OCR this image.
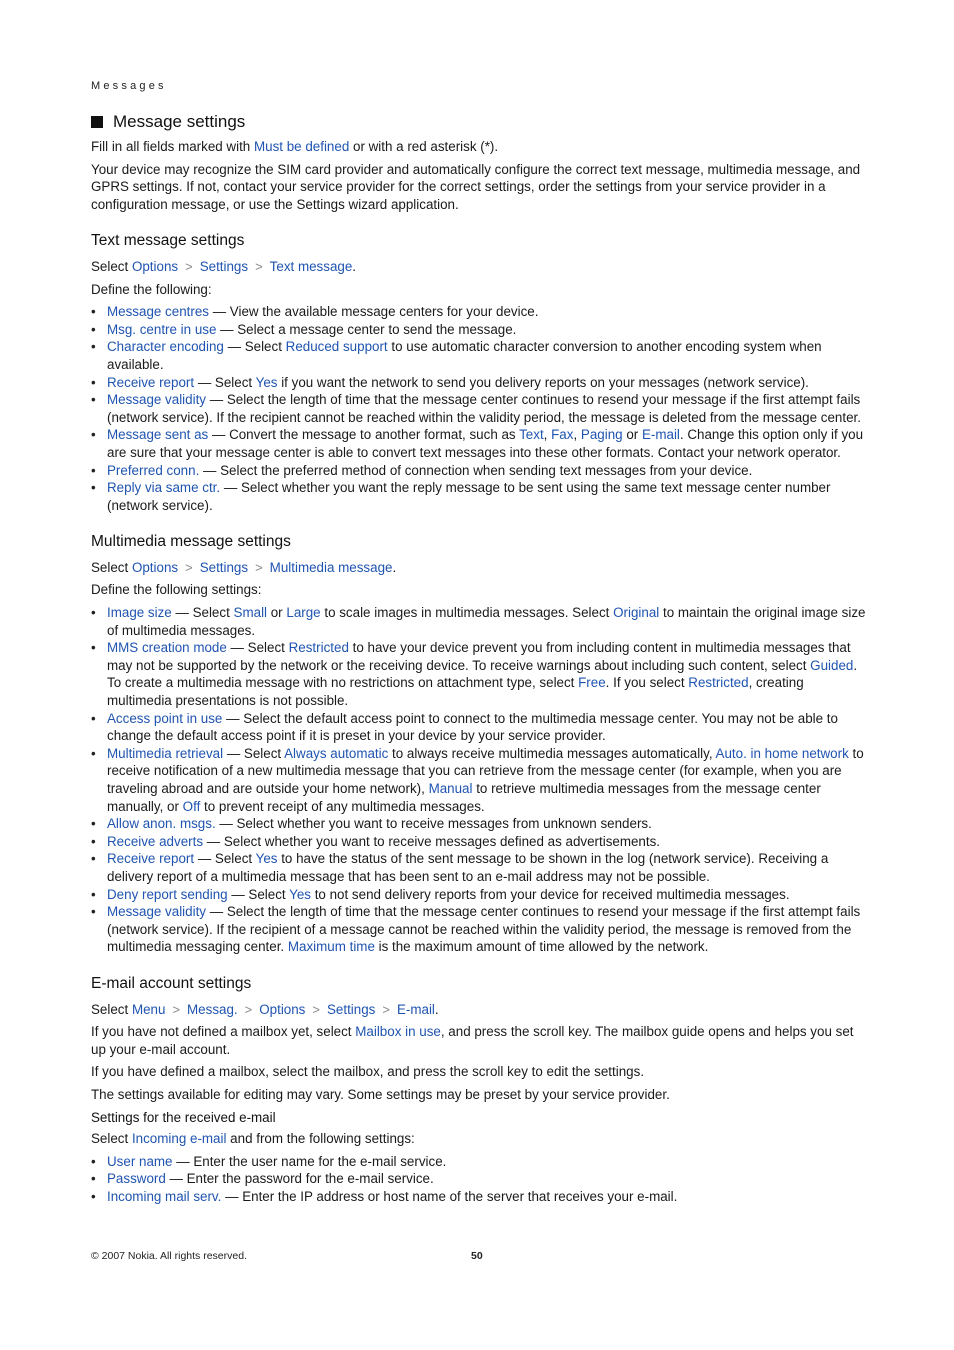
Messages
Message settings

Fill in all fields marked with Must be defined or with a red asterisk (*).

Your device may recognize the SIM card provider and automatically configure the correct text message, multimedia message, and GPRS settings. If not, contact your service provider for the correct settings, order the settings from your service provider in a configuration message, or use the Settings wizard application.

Text message settings

Select Options > Settings > Text message.

Define the following:

• Message centres — View the available message centers for your device.
• Msg. centre in use — Select a message center to send the message.
• Character encoding — Select Reduced support to use automatic character conversion to another encoding system when available.
• Receive report — Select Yes if you want the network to send you delivery reports on your messages (network service).
• Message validity — Select the length of time that the message center continues to resend your message if the first attempt fails (network service). If the recipient cannot be reached within the validity period, the message is deleted from the message center.
• Message sent as — Convert the message to another format, such as Text, Fax, Paging or E-mail. Change this option only if you are sure that your message center is able to convert text messages into these other formats. Contact your network operator.
• Preferred conn. — Select the preferred method of connection when sending text messages from your device.
• Reply via same ctr. — Select whether you want the reply message to be sent using the same text message center number (network service).
Multimedia message settings

Select Options > Settings > Multimedia message.

Define the following settings:

• Image size — Select Small or Large to scale images in multimedia messages. Select Original to maintain the original image size of multimedia messages.
• MMS creation mode — Select Restricted to have your device prevent you from including content in multimedia messages that may not be supported by the network or the receiving device. To receive warnings about including such content, select Guided. To create a multimedia message with no restrictions on attachment type, select Free. If you select Restricted, creating multimedia presentations is not possible.
• Access point in use — Select the default access point to connect to the multimedia message center. You may not be able to change the default access point if it is preset in your device by your service provider.
• Multimedia retrieval — Select Always automatic to always receive multimedia messages automatically, Auto. in home network to receive notification of a new multimedia message that you can retrieve from the message center (for example, when you are traveling abroad and are outside your home network), Manual to retrieve multimedia messages from the message center manually, or Off to prevent receipt of any multimedia messages.
• Allow anon. msgs. — Select whether you want to receive messages from unknown senders.
• Receive adverts — Select whether you want to receive messages defined as advertisements.
• Receive report — Select Yes to have the status of the sent message to be shown in the log (network service). Receiving a delivery report of a multimedia message that has been sent to an e-mail address may not be possible.
• Deny report sending — Select Yes to not send delivery reports from your device for received multimedia messages.
• Message validity — Select the length of time that the message center continues to resend your message if the first attempt fails (network service). If the recipient of a message cannot be reached within the validity period, the message is removed from the multimedia messaging center. Maximum time is the maximum amount of time allowed by the network.
E-mail account settings

Select Menu > Messag. > Options > Settings > E-mail.

If you have not defined a mailbox yet, select Mailbox in use, and press the scroll key. The mailbox guide opens and helps you set up your e-mail account.

If you have defined a mailbox, select the mailbox, and press the scroll key to edit the settings.

The settings available for editing may vary. Some settings may be preset by your service provider.

Settings for the received e-mail

Select Incoming e-mail and from the following settings:

• User name — Enter the user name for the e-mail service.
• Password — Enter the password for the e-mail service.
• Incoming mail serv. — Enter the IP address or host name of the server that receives your e-mail.
© 2007 Nokia. All rights reserved.	50
